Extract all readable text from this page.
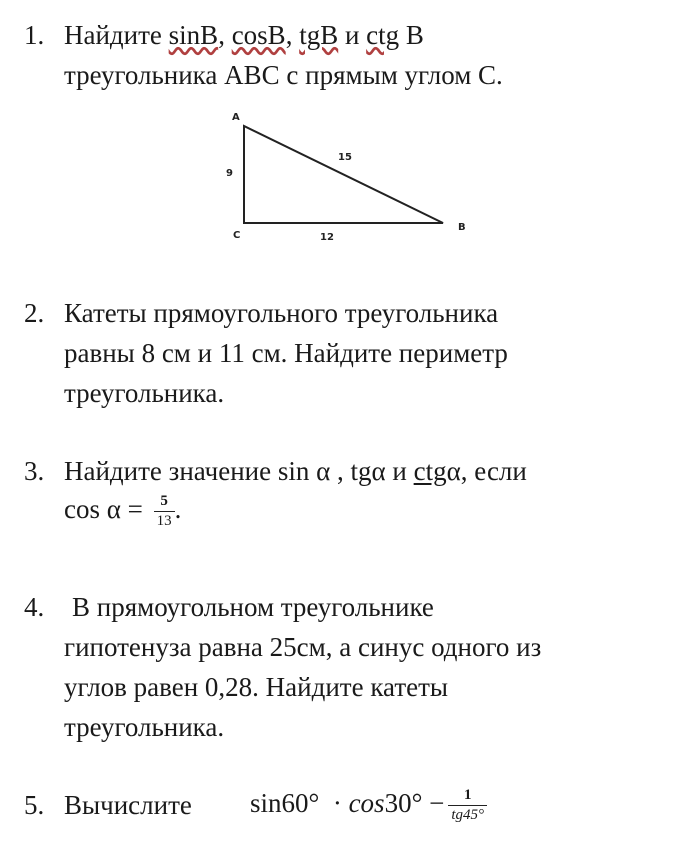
1. Найдите sinB, cosB, tgB и ctg B
треугольника ABC с прямым углом C.
A
C
B
9
15
12
2. Катеты прямоугольного треугольника
равны 8 см и 11 см. Найдите периметр
треугольника.
3. Найдите значение sin α , tgα и ctgα, если
$\cos \alpha = \frac{5}{13}$ .
4. В прямоугольном треугольнике
гипотенуза равна 25см, а синус одного из
углов равен 0,28. Найдите катеты
треугольника.
5. Вычислите $\sin 60^\circ \cdot \cos 30^\circ - \frac{1}{tg45^\circ}$
